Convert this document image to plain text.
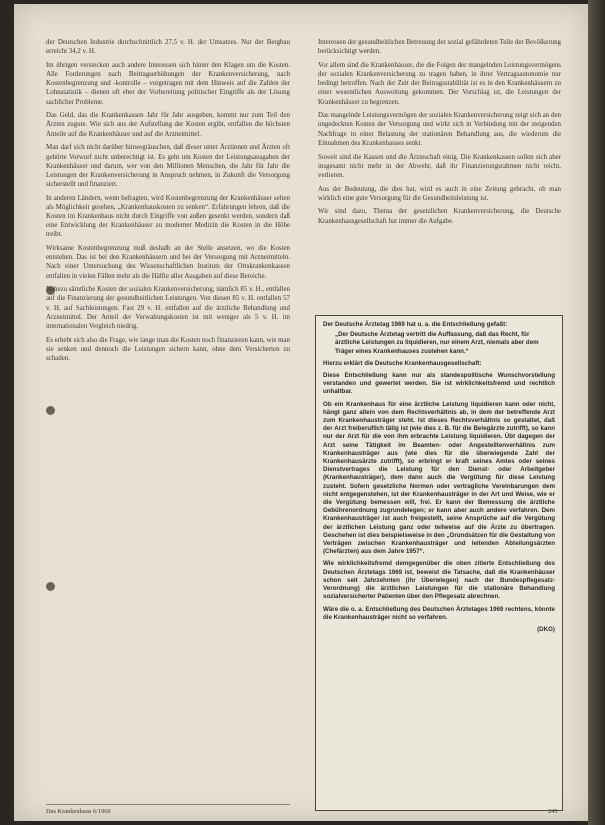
der Deutschen Industrie durchschnittlich 27,5 v. H. der Umsatzes. Nur der Bergbau erreicht 34,2 v. H.

Im übrigen verstecken auch andere Interessen sich hinter den Klagen um die Kosten. Alle Forderungen nach Beitragserhöhungen der Krankenversicherung, nach Kostenbegrenzung und -kontrolle – vorgetragen mit dem Hinweis auf die Zahlen der Lohnstatistik – dienen oft eher der Vorbereitung politischer Eingriffe als der Lösung sachlicher Probleme.

Das Geld, das die Krankenkassen Jahr für Jahr ausgeben, kommt nur zum Teil den Ärzten zugute. Wie sich aus der Aufstellung der Kosten ergibt, entfallen die höchsten Anteile auf die Krankenhäuser und auf die Arzneimittel.

Man darf sich nicht darüber hinwegtäuschen, daß dieser unter Ärztinnen und Ärzten oft gehörte Vorwurf nicht unberechtigt ist. Es geht um Kosten der Leistungsausgaben der Krankenhäuser und darum, wer von den Millionen Menschen, die Jahr für Jahr die Leistungen der Krankenversicherung in Anspruch nehmen, in Zukunft die Versorgung sicherstellt und finanziert.

In anderen Ländern, wenn befragten, wird Kostenbegrenzung der Krankenhäuser selten als Möglichkeit gesehen, „Krankenhauskosten zu senken“. Erfahrungen lehren, daß die Kosten im Krankenhaus nicht durch Eingriffe von außen gesenkt werden, sondern daß eine Entwicklung der Krankenhäuser zu moderner Medizin die Kosten in die Höhe treibt.

Wirksame Kostenbegrenzung muß deshalb an der Stelle ansetzen, wo die Kosten entstehen. Das ist bei den Krankenhäusern und bei der Versorgung mit Arzneimitteln. Nach einer Untersuchung des Wissenschaftlichen Instituts der Ortskrankenkassen entfallen in vielen Fällen mehr als die Hälfte aller Ausgaben auf diese Bereiche.

Nahezu sämtliche Kosten der sozialen Krankenversicherung, nämlich 85 v. H., entfallen auf die Finanzierung der gesundheitlichen Leistungen. Von diesen 85 v. H. entfallen 57 v. H. auf Sachleistungen. Fast 29 v. H. entfallen auf die ärztliche Behandlung und Arzneimittel. Der Anteil der Verwaltungskosten ist mit weniger als 5 v. H. im internationalen Vergleich niedrig.

Es erhebt sich also die Frage, wie lange man die Kosten noch finanzieren kann, wie man sie senken und dennoch die Leistungen sichern kann, ohne dem Versicherten zu schaden.

Interessen der gesundheitlichen Betreuung der sozial gefährdeten Teile der Bevölkerung berücksichtigt werden.

Vor allem sind die Krankenhäuser, die die Folgen der mangelnden Leistungsvermögens der sozialen Krankenversicherung zu tragen haben, in ihrer Vertragsautonomie nur bedingt betroffen. Nach der Zeit der Beitragsstabilität ist es in den Krankenhäusern zu einer wesentlichen Ausweitung gekommen. Der Vorschlag ist, die Leistungen der Krankenhäuser zu begrenzen.

Das mangelnde Leistungsvermögen der sozialen Krankenversicherung zeigt sich an den ungedeckten Kosten der Versorgung und wirkt sich in Verbindung mit der steigenden Nachfrage in einer Belastung der stationären Behandlung aus, die wiederum die Einnahmen des Krankenhauses senkt.

Soweit sind die Kassen und die Ärzteschaft einig. Die Krankenkassen sollen sich aber insgesamt nicht mehr in der Abwehr, daß ihr Finanzierungsrahmen nicht reicht, verlieren.

Aus der Bedeutung, die dies hat, wird es auch in eine Zeitung gebracht, ob man wirklich eine gute Versorgung für die Gesundheitsleistung ist.

Wir sind dazu, Thema der gesetzlichen Krankenversicherung, die Deutsche Krankenhausgesellschaft hat immer die Aufgabe.

Der Deutsche Ärztetag 1969 hat u. a. die Entschließung gefaßt:

„Der Deutsche Ärztetag vertritt die Auffassung, daß das Recht, für ärztliche Leistungen zu liquidieren, nur einem Arzt, niemals aber dem Träger eines Krankenhauses zustehen kann.“

Hierzu erklärt die Deutsche Krankenhausgesellschaft:

Diese Entschließung kann nur als standespolitische Wunschvorstellung verstanden und gewertet werden. Sie ist wirklichkeitsfremd und rechtlich unhaltbar.

Ob ein Krankenhaus für eine ärztliche Leistung liquidieren kann oder nicht, hängt ganz allein von dem Rechtsverhältnis ab, in dem der betreffende Arzt zum Krankenhausträger steht. Ist dieses Rechtsverhältnis so gestaltet, daß der Arzt freiberuflich tätig ist (wie dies z. B. für die Belegärzte zutrifft), so kann nur der Arzt für die von ihm erbrachte Leistung liquidieren. Übt dagegen der Arzt seine Tätigkeit im Beamten- oder Angestelltenverhältnis zum Krankenhausträger aus (wie dies für die überwiegende Zahl der Krankenhausärzte zutrifft), so erbringt er kraft seines Amtes oder seines Dienstvertrages die Leistung für den Dienst- oder Arbeitgeber (Krankenhausträger), dem dann auch die Vergütung für diese Leistung zusteht. Sofern gesetzliche Normen oder vertragliche Vereinbarungen dem nicht entgegenstehen, ist der Krankenhausträger in der Art und Weise, wie er die Vergütung bemessen will, frei. Er kann der Bemessung die ärztliche Gebührenordnung zugrundelegen; er kann aber auch andere verfahren. Dem Krankenhausträger ist auch freigestellt, seine Ansprüche auf die Vergütung der ärztlichen Leistung ganz oder teilweise auf die Ärzte zu übertragen. Geschehen ist dies beispielsweise in den „Grundsätzen für die Gestaltung von Verträgen zwischen Krankenhausträger und leitenden Abteilungsärzten (Chefärzten) aus dem Jahre 1957“.

Wie wirklichkeitsfremd demgegenüber die oben zitierte Entschließung des Deutschen Ärztetags 1969 ist, beweist die Tatsache, daß die Krankenhäuser schon seit Jahrzehnten (ihr Überwiegen) nach der Bundespflegesatz-Verordnung) die ärztlichen Leistungen für die stationäre Behandlung sozialversicherter Patienten über den Pflegesatz abrechnen.

Wäre die o. a. Entschließung des Deutschen Ärztetages 1969 rechtens, könnte die Krankenhausträger nicht so verfahren.

(DKG)

Das Krankenhaus 6/1969	245
